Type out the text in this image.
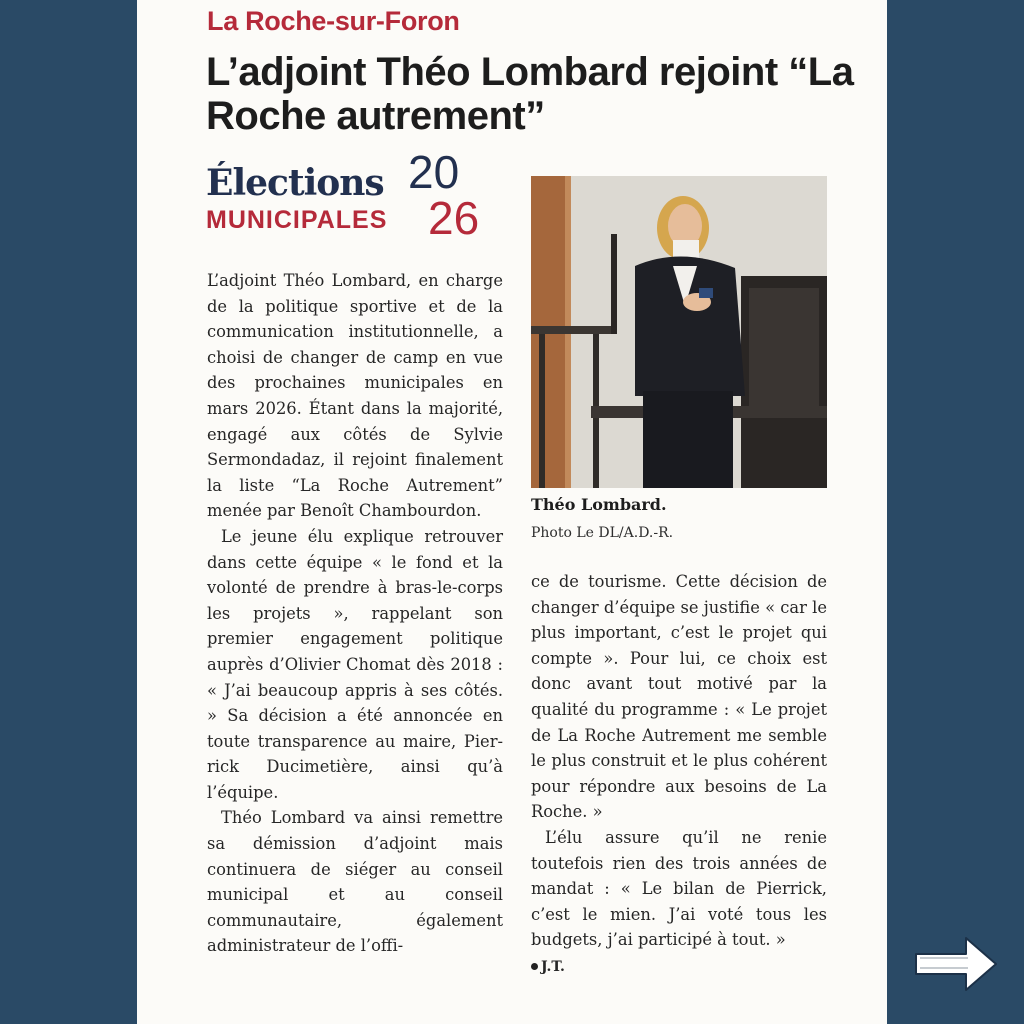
La Roche-sur-Foron
L’adjoint Théo Lombard rejoint “La Roche autrement”
Élections
MUNICIPALES
20
26

L’adjoint Théo Lombard, en charge de la politique sportive et de la communication institutionnelle, a choisi de changer de camp en vue des prochaines municipales en mars 2026. Étant dans la majorité, engagé aux côtés de Sylvie Sermondadaz, il rejoint finalement la liste “La Roche Autrement” menée par Benoît Chambourdon.

Le jeune élu explique retrouver dans cette équipe « le fond et la volonté de prendre à bras-le-corps les projets », rappelant son premier engagement politique auprès d’Olivier Chomat dès 2018 : « J’ai beaucoup appris à ses côtés. » Sa décision a été annoncée en toute transparence au maire, Pierrick Ducimetière, ainsi qu’à l’équipe.

Théo Lombard va ainsi remettre sa démission d’adjoint mais continuera de siéger au conseil municipal et au conseil communautaire, également administrateur de l’offi-

Théo Lombard.
Photo Le DL/A.D.-R.

ce de tourisme. Cette décision de changer d’équipe se justifie « car le plus important, c’est le projet qui compte ». Pour lui, ce choix est donc avant tout motivé par la qualité du programme : « Le projet de La Roche Autrement me semble le plus construit et le plus cohérent pour répondre aux besoins de La Roche. »

L’élu assure qu’il ne renie toutefois rien des trois années de mandat : « Le bilan de Pierrick, c’est le mien. J’ai voté tous les budgets, j’ai participé à tout. »

J.T.
